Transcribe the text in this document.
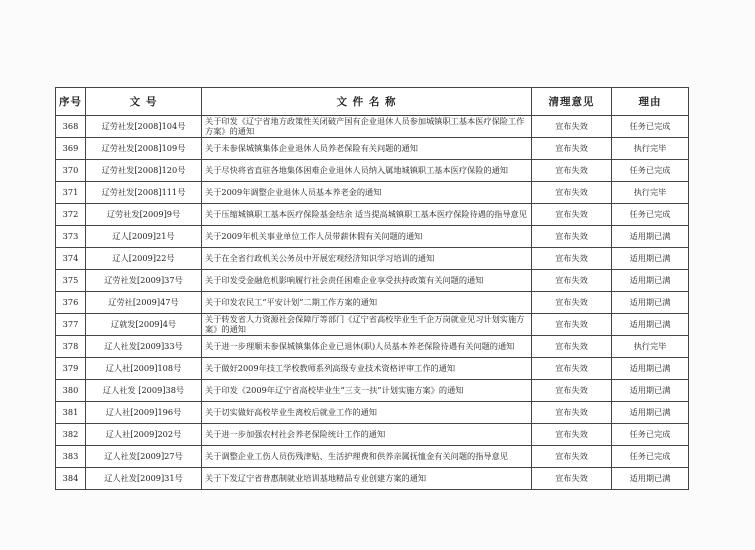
序号	文 号	文 件 名 称	清理意见	理由
368	辽劳社发[2008]104号	关于印发《辽宁省地方政策性关闭破产国有企业退休人员参加城镇职工基本医疗保险工作方案》的通知	宣布失效	任务已完成
369	辽劳社发[2008]109号	关于未参保城镇集体企业退休人员养老保险有关问题的通知	宣布失效	执行完毕
370	辽劳社发[2008]120号	关于尽快将省直驻各地集体困难企业退休人员纳入属地城镇职工基本医疗保险的通知	宣布失效	任务已完成
371	辽劳社发[2008]111号	关于2009年调整企业退休人员基本养老金的通知	宣布失效	执行完毕
372	辽劳社发[2009]9号	关于压缩城镇职工基本医疗保险基金结余 适当提高城镇职工基本医疗保险待遇的指导意见	宣布失效	任务已完成
373	辽人[2009]21号	关于2009年机关事业单位工作人员带薪休假有关问题的通知	宣布失效	适用期已满
374	辽人[2009]22号	关于在全省行政机关公务员中开展宏观经济知识学习培训的通知	宣布失效	适用期已满
375	辽劳社发[2009]37号	关于印发受金融危机影响履行社会责任困难企业享受扶持政策有关问题的通知	宣布失效	适用期已满
376	辽劳社[2009]47号	关于印发农民工“平安计划”二期工作方案的通知	宣布失效	适用期已满
377	辽就发[2009]4号	关于转发省人力资源社会保障厅等部门《辽宁省高校毕业生千企万岗就业见习计划实施方案》的通知	宣布失效	适用期已满
378	辽人社发[2009]33号	关于进一步理顺未参保城镇集体企业已退休(职)人员基本养老保险待遇有关问题的通知	宣布失效	执行完毕
379	辽人社[2009]108号	关于做好2009年技工学校教师系列高级专业技术资格评审工作的通知	宣布失效	适用期已满
380	辽人社发 [2009]38号	关于印发《2009年辽宁省高校毕业生“三支一扶”计划实施方案》的通知	宣布失效	适用期已满
381	辽人社[2009]196号	关于切实做好高校毕业生离校后就业工作的通知	宣布失效	适用期已满
382	辽人社[2009]202号	关于进一步加强农村社会养老保险统计工作的通知	宣布失效	任务已完成
383	辽人社发[2009]27号	关于调整企业工伤人员伤残津贴、生活护理费和供养亲属抚恤金有关问题的指导意见	宣布失效	任务已完成
384	辽人社发[2009]31号	关于下发辽宁省普惠制就业培训基地精品专业创建方案的通知	宣布失效	适用期已满
